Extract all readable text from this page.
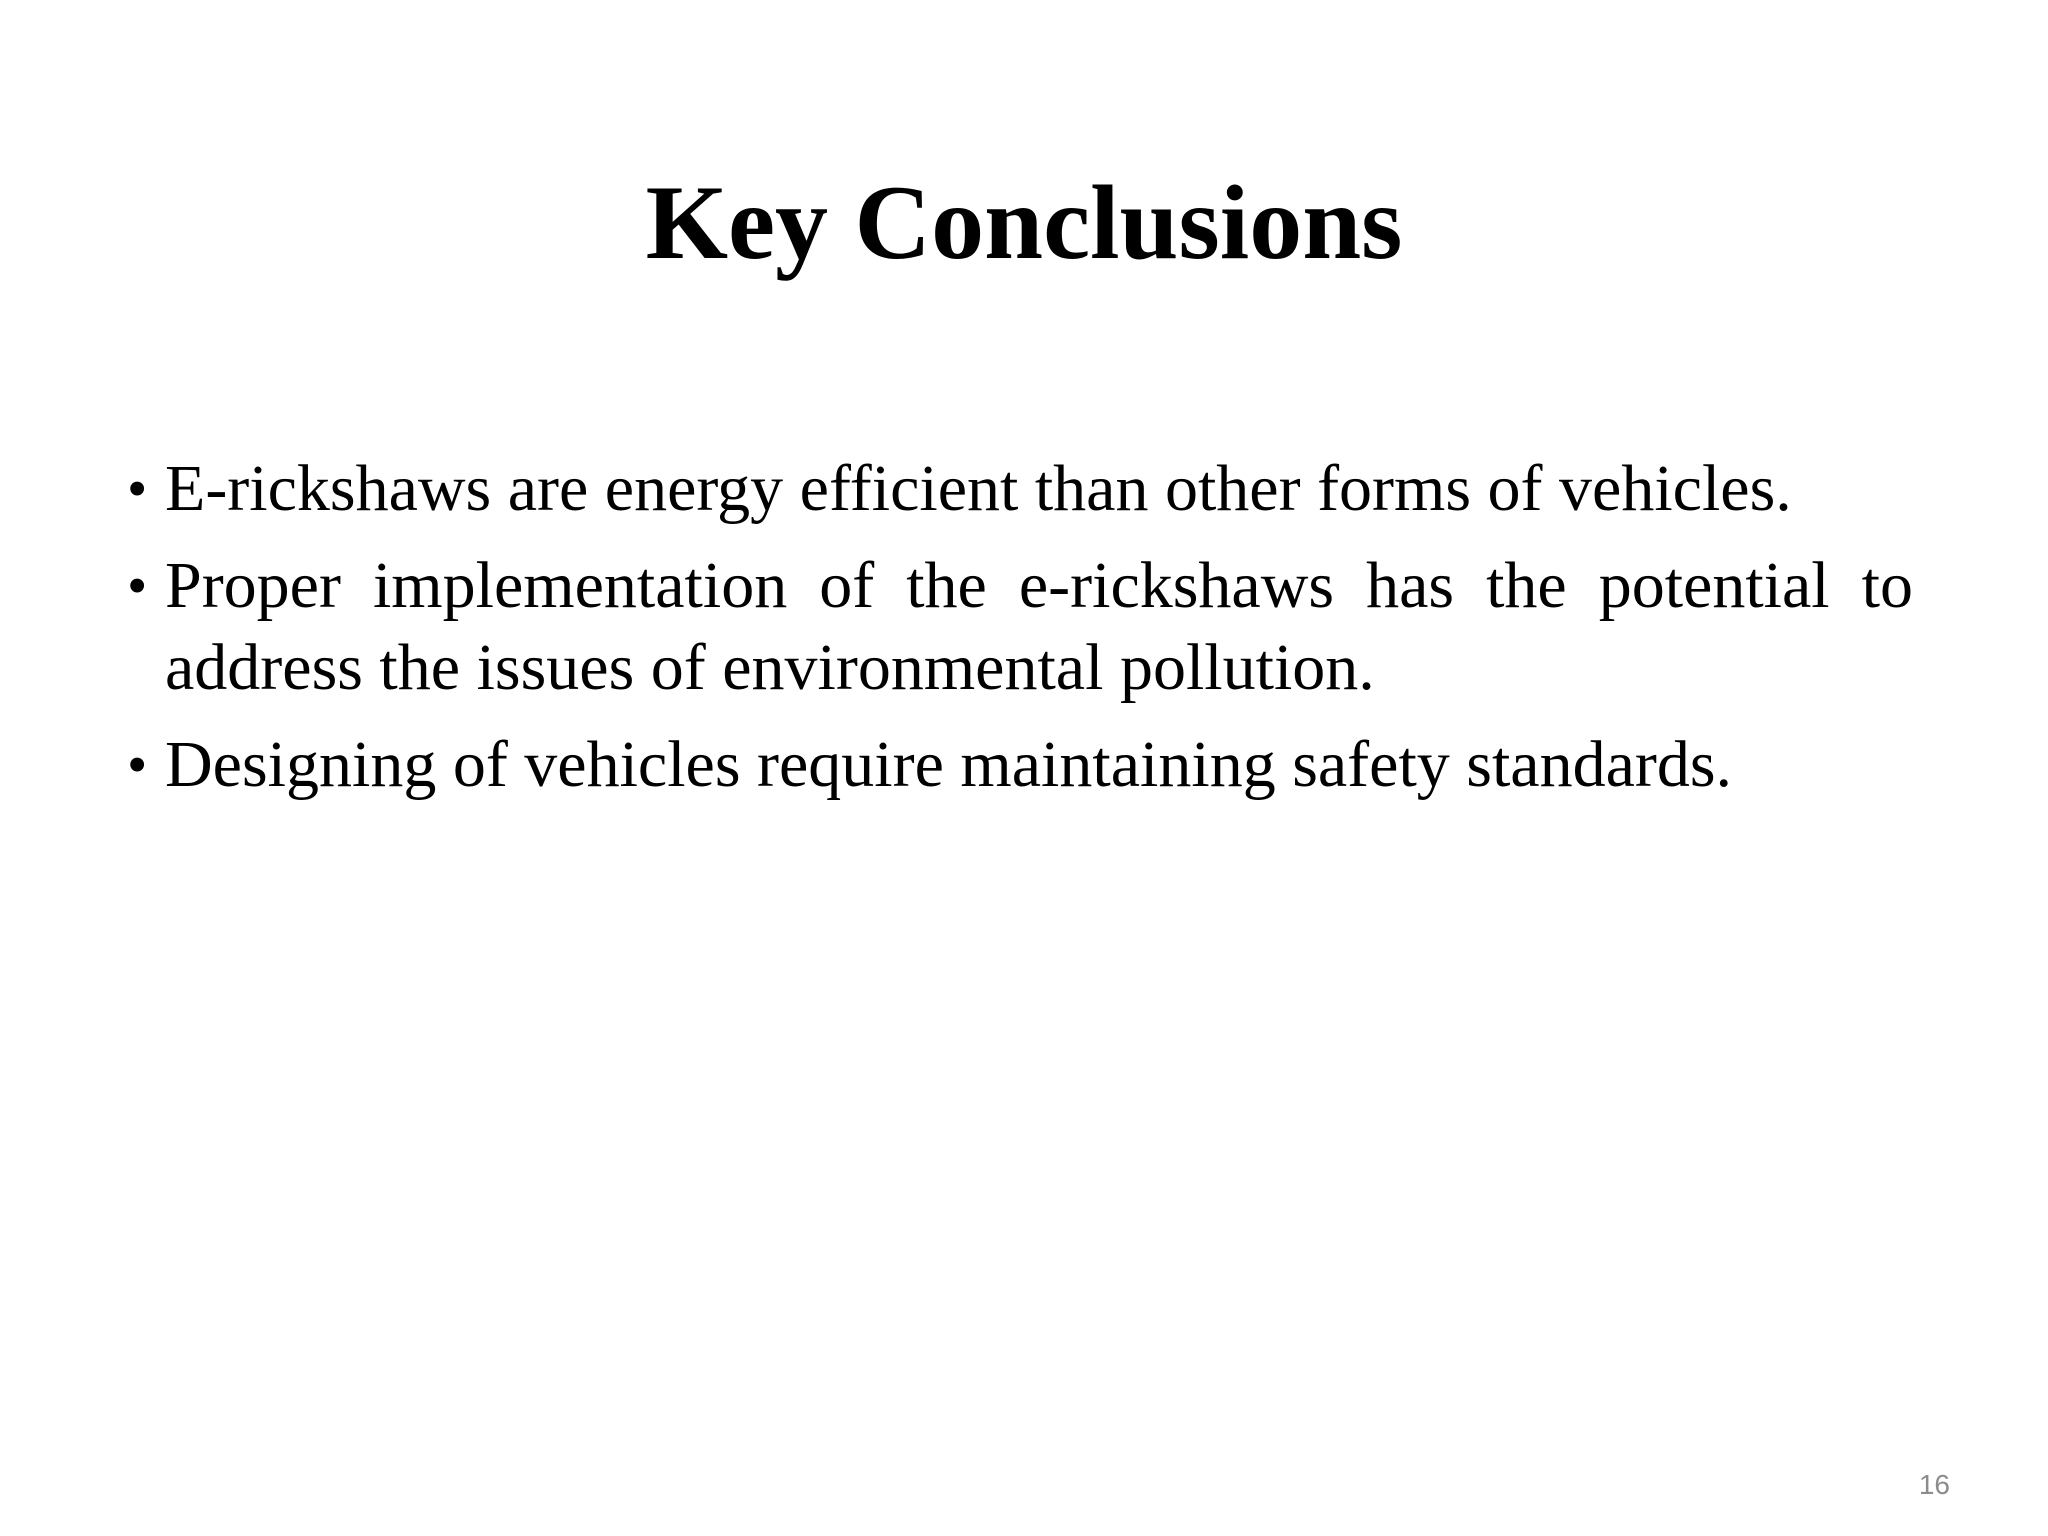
Key Conclusions
• E-rickshaws are energy efficient than other forms of vehicles.
• Proper implementation of the e-rickshaws has the potential to address the issues of environmental pollution.
• Designing of vehicles require maintaining safety standards.
16
